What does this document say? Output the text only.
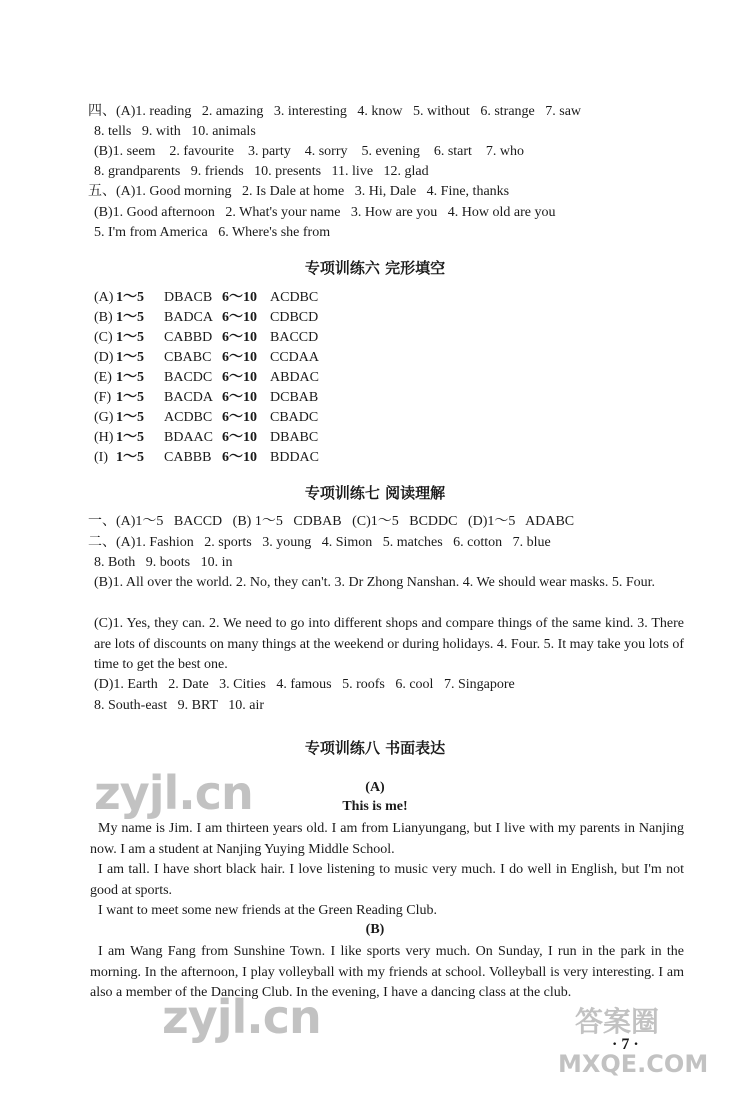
四、(A)1. reading   2. amazing   3. interesting   4. know   5. without   6. strange   7. saw
8. tells   9. with   10. animals
(B)1. seem    2. favourite    3. party    4. sorry    5. evening    6. start    7. who
8. grandparents   9. friends   10. presents   11. live   12. glad
五、(A)1. Good morning   2. Is Dale at home   3. Hi, Dale   4. Fine, thanks
(B)1. Good afternoon   2. What's your name   3. How are you   4. How old are you
5. I'm from America   6. Where's she from
专项训练六 完形填空
(A) 1～5 DBACB 6～10 ACDBC
(B) 1～5 BADCA 6～10 CDBCD
(C) 1～5 CABBD 6～10 BACCD
(D) 1～5 CBABC 6～10 CCDAA
(E) 1～5 BACDC 6～10 ABDAC
(F) 1～5 BACDA 6～10 DCBAB
(G) 1～5 ACDBC 6～10 CBADC
(H) 1～5 BDAAC 6～10 DBABC
(I) 1～5 CABBB 6～10 BDDAC
专项训练七 阅读理解
一、(A)1～5   BACCD   (B) 1～5   CDBAB   (C)1～5   BCDDC   (D)1～5   ADABC
二、(A)1. Fashion   2. sports   3. young   4. Simon   5. matches   6. cotton   7. blue
8. Both   9. boots   10. in
(B)1. All over the world. 2. No, they can't. 3. Dr Zhong Nanshan. 4. We should wear masks. 5. Four.
(C)1. Yes, they can. 2. We need to go into different shops and compare things of the same kind. 3. There are lots of discounts on many things at the weekend or during holidays. 4. Four. 5. It may take you lots of time to get the best one.
(D)1. Earth   2. Date   3. Cities   4. famous   5. roofs   6. cool   7. Singapore
8. South-east   9. BRT   10. air
专项训练八 书面表达
(A)
This is me!
My name is Jim. I am thirteen years old. I am from Lianyungang, but I live with my parents in Nanjing now. I am a student at Nanjing Yuying Middle School.
I am tall. I have short black hair. I love listening to music very much. I do well in English, but I'm not good at sports.
I want to meet some new friends at the Green Reading Club.
(B)
I am Wang Fang from Sunshine Town. I like sports very much. On Sunday, I run in the park in the morning. In the afternoon, I play volleyball with my friends at school. Volleyball is very interesting. I am also a member of the Dancing Club. In the evening, I have a dancing class at the club.
zyjl.cn
zyjl.cn	答案圈
MXQE.COM
· 7 ·
